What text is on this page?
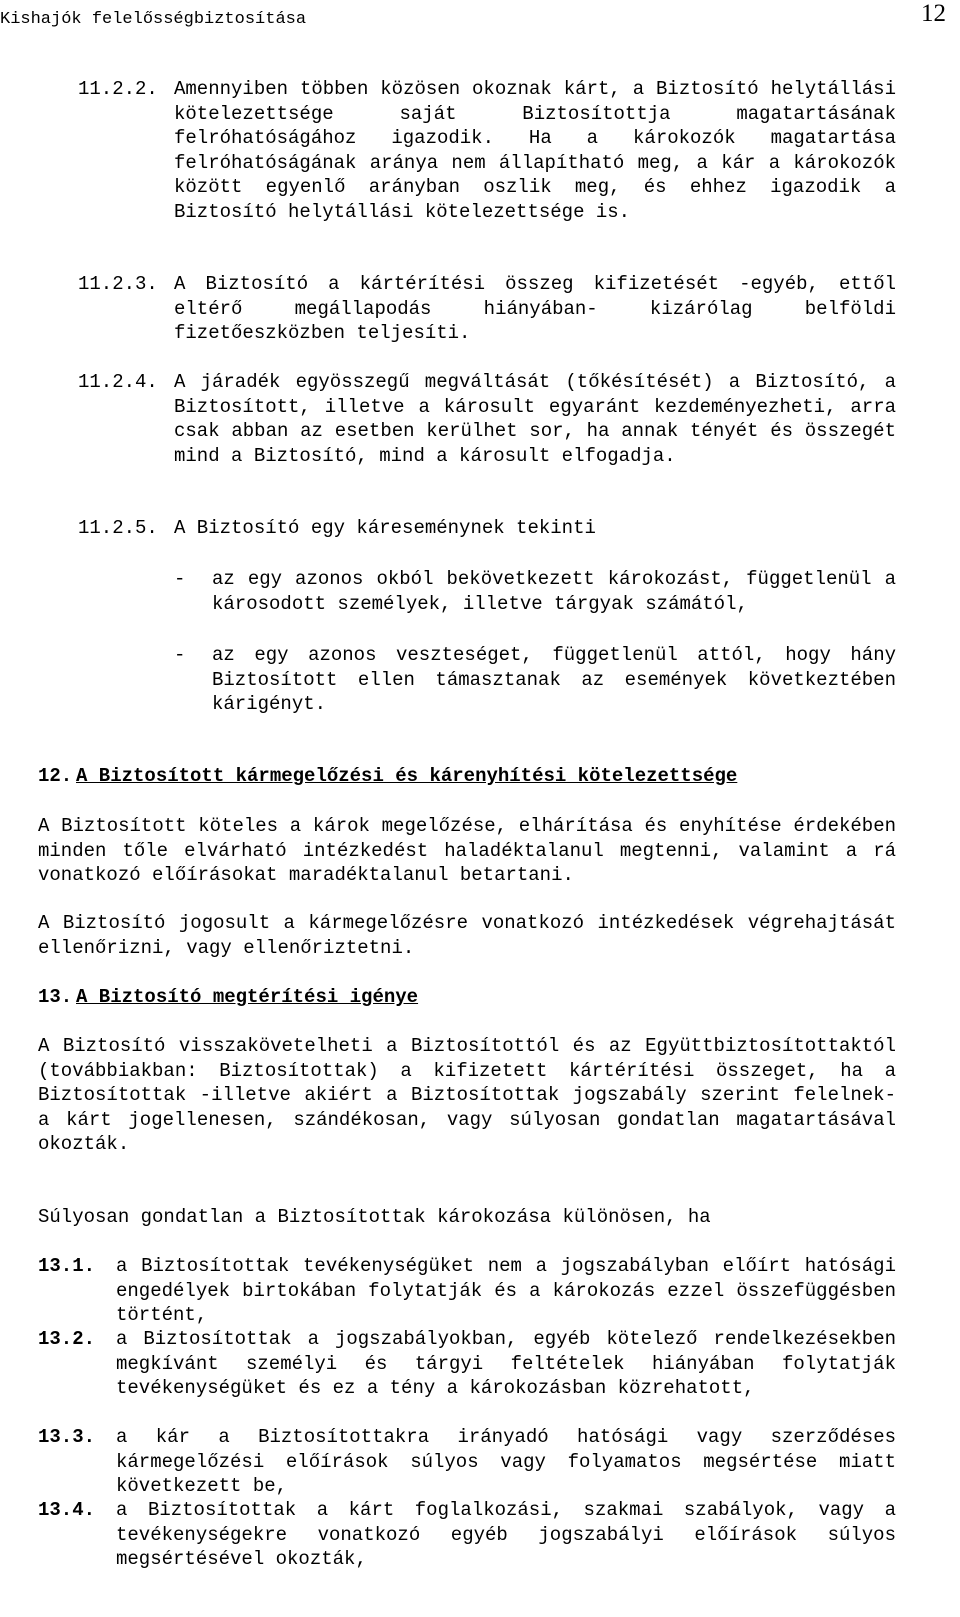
Kishajók felelősségbiztosítása	12
11.2.2. Amennyiben többen közösen okoznak kárt, a Biztosító helytállási kötelezettsége saját Biztosítottja magatartásának felróhatóságához igazodik. Ha a károkozók magatartása felróhatóságának aránya nem állapítható meg, a kár a károkozók között egyenlő arányban oszlik meg, és ehhez igazodik a Biztosító helytállási kötelezettsége is.
11.2.3. A Biztosító a kártérítési összeg kifizetését -egyéb, ettől eltérő megállapodás hiányában- kizárólag belföldi fizetőeszközben teljesíti.
11.2.4. A járadék egyösszegű megváltását (tőkésítését) a Biztosító, a Biztosított, illetve a károsult egyaránt kezdeményezheti, arra csak abban az esetben kerülhet sor, ha annak tényét és összegét mind a Biztosító, mind a károsult elfogadja.
11.2.5. A Biztosító egy káreseménynek tekinti
-	az egy azonos okból bekövetkezett károkozást, függetlenül a károsodott személyek, illetve tárgyak számától,
-	az egy azonos veszteséget, függetlenül attól, hogy hány Biztosított ellen támasztanak az események következtében kárigényt.
12. A Biztosított kármegelőzési és kárenyhítési kötelezettsége
A Biztosított köteles a károk megelőzése, elhárítása és enyhítése érdekében minden tőle elvárható intézkedést haladéktalanul megtenni, valamint a rá vonatkozó előírásokat maradéktalanul betartani.
A Biztosító jogosult a kármegelőzésre vonatkozó intézkedések végrehajtását ellenőrizni, vagy ellenőriztetni.
13. A Biztosító megtérítési igénye
A Biztosító visszakövetelheti a Biztosítottól és az Együttbiztosítottaktól (továbbiakban: Biztosítottak) a kifizetett kártérítési összeget, ha a Biztosítottak -illetve akiért a Biztosítottak jogszabály szerint felelnek- a kárt jogellenesen, szándékosan, vagy súlyosan gondatlan magatartásával okozták.
Súlyosan gondatlan a Biztosítottak károkozása különösen, ha
13.1.	a Biztosítottak tevékenységüket nem a jogszabályban előírt hatósági engedélyek birtokában folytatják és a károkozás ezzel összefüggésben történt,
13.2.	a Biztosítottak a jogszabályokban, egyéb kötelező rendelkezésekben megkívánt személyi és tárgyi feltételek hiányában folytatják tevékenységüket és ez a tény a károkozásban közrehatott,
13.3.	a kár a Biztosítottakra irányadó hatósági vagy szerződéses kármegelőzési előírások súlyos vagy folyamatos megsértése miatt következett be,
13.4.	a Biztosítottak a kárt foglalkozási, szakmai szabályok, vagy a tevékenységekre vonatkozó egyéb jogszabályi előírások súlyos megsértésével okozták,
